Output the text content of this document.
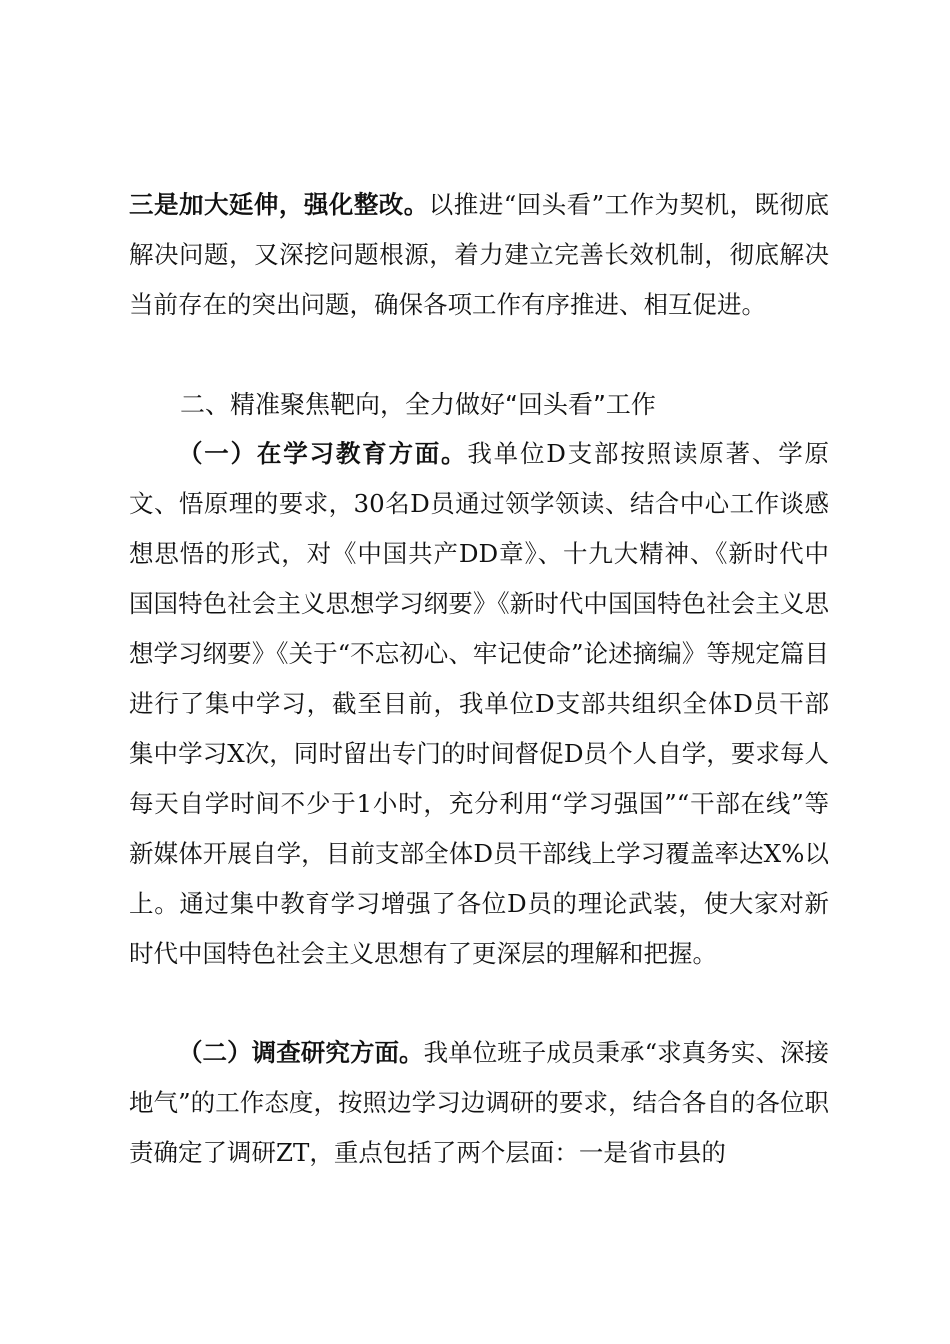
三是加大延伸，强化整改。以推进“回头看”工作为契机，既彻底解决问题，又深挖问题根源，着力建立完善长效机制，彻底解决当前存在的突出问题，确保各项工作有序推进、相互促进。

二、精准聚焦靶向，全力做好“回头看”工作

（一）在学习教育方面。我单位D支部按照读原著、学原文、悟原理的要求，30名D员通过领学领读、结合中心工作谈感想思悟的形式，对《中国共产DD章》、十九大精神、《新时代中国国特色社会主义思想学习纲要》《新时代中国国特色社会主义思想学习纲要》《关于“不忘初心、牢记使命”论述摘编》等规定篇目进行了集中学习，截至目前，我单位D支部共组织全体D员干部集中学习X次，同时留出专门的时间督促D员个人自学，要求每人每天自学时间不少于1小时，充分利用“学习强国”“干部在线”等新媒体开展自学，目前支部全体D员干部线上学习覆盖率达X%以上。通过集中教育学习增强了各位D员的理论武装，使大家对新时代中国特色社会主义思想有了更深层的理解和把握。

（二）调查研究方面。我单位班子成员秉承“求真务实、深接地气”的工作态度，按照边学习边调研的要求，结合各自的各位职责确定了调研ZT，重点包括了两个层面：一是省市县的
